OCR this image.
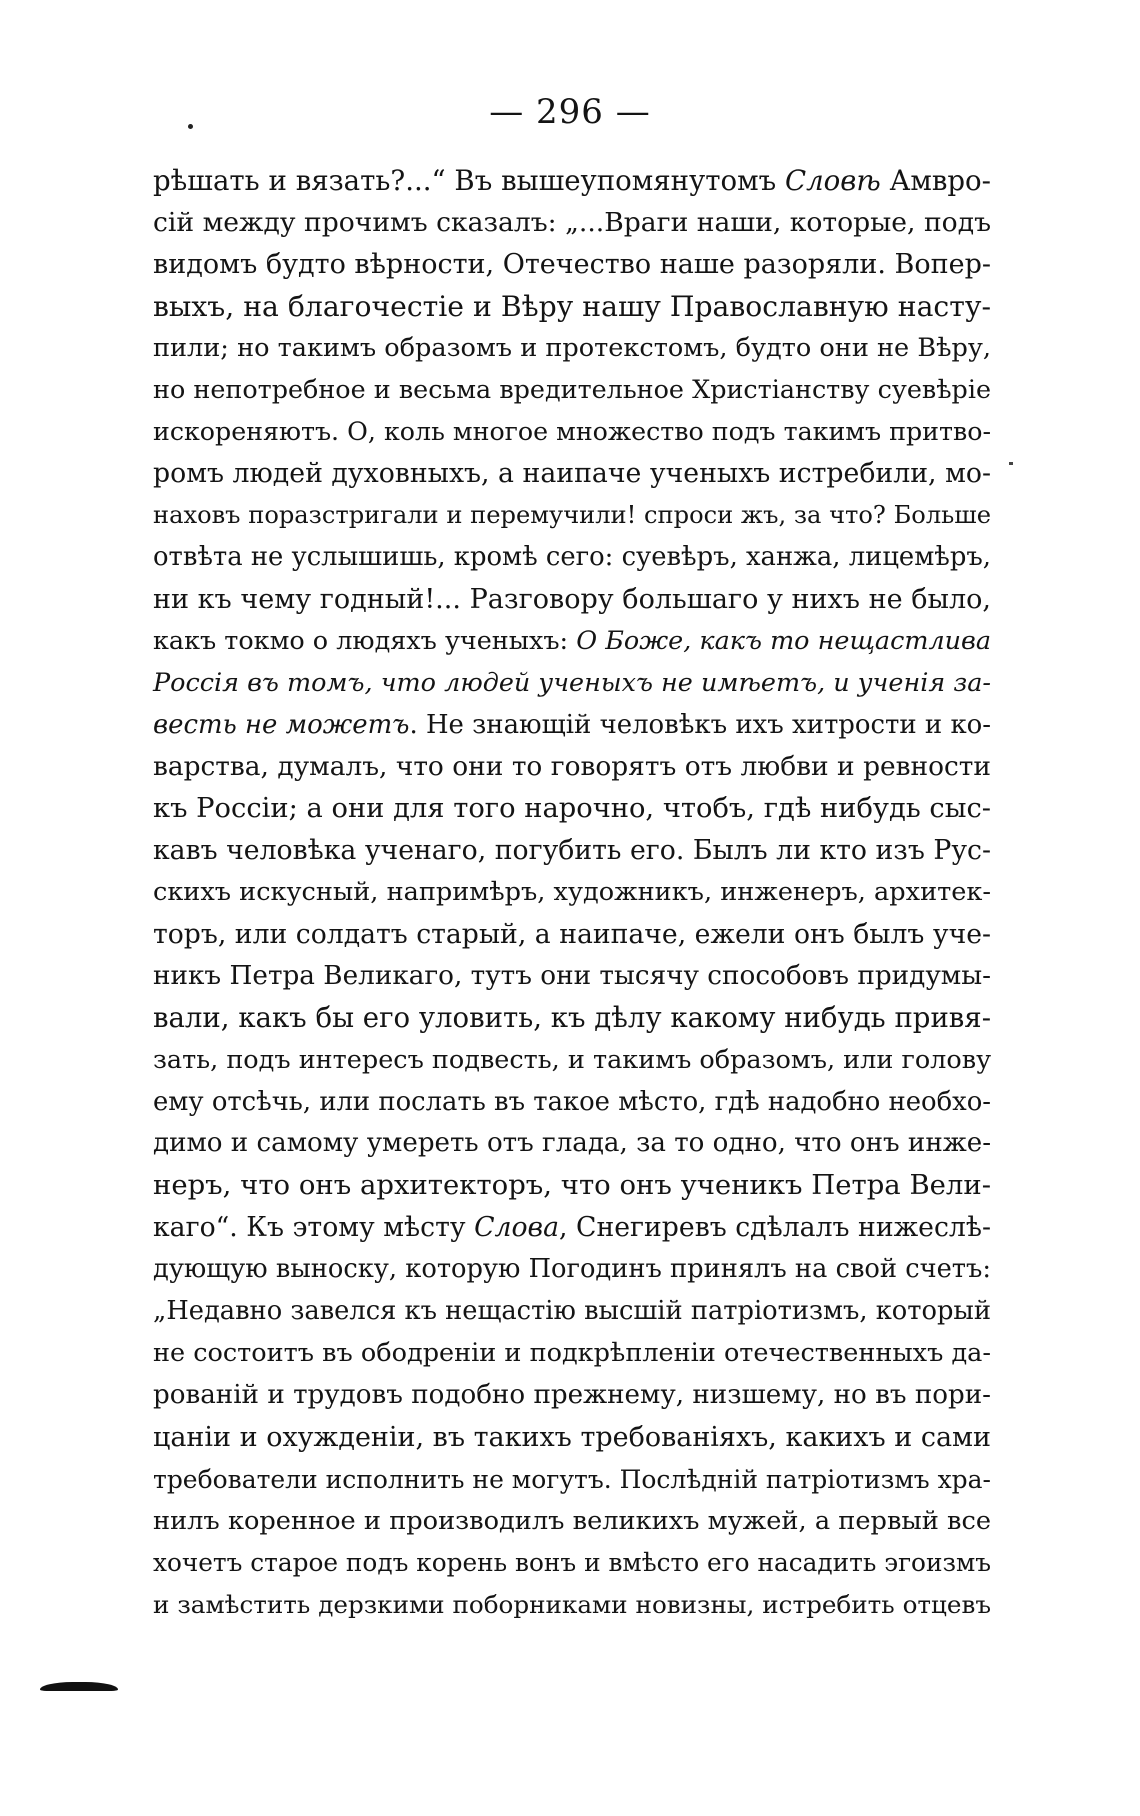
— 296 —
рѣшать и вязать?...“ Въ вышеупомянутомъ Словѣ Амвро-
сій между прочимъ сказалъ: „...Враги наши, которые, подъ
видомъ будто вѣрности, Отечество наше разоряли. Вопер-
выхъ, на благочестіе и Вѣру нашу Православную насту-
пили; но такимъ образомъ и протекстомъ, будто они не Вѣру,
но непотребное и весьма вредительное Христіанству суевѣріе
искореняютъ. О, коль многое множество подъ такимъ притво-
ромъ людей духовныхъ, а наипаче ученыхъ истребили, мо-
наховъ поразстригали и перемучили! спроси жъ, за что? Больше
отвѣта не услышишь, кромѣ сего: суевѣръ, ханжа, лицемѣръ,
ни къ чему годный!... Разговору большаго у нихъ не было,
какъ токмо о людяхъ ученыхъ: О Боже, какъ то нещастлива
Россія въ томъ, что людей ученыхъ не имѣетъ, и ученія за-
весть не можетъ. Не знающій человѣкъ ихъ хитрости и ко-
варства, думалъ, что они то говорятъ отъ любви и ревности
къ Россіи; а они для того нарочно, чтобъ, гдѣ нибудь сыс-
кавъ человѣка ученаго, погубить его. Былъ ли кто изъ Рус-
скихъ искусный, напримѣръ, художникъ, инженеръ, архитек-
торъ, или солдатъ старый, а наипаче, ежели онъ былъ уче-
никъ Петра Великаго, тутъ они тысячу способовъ придумы-
вали, какъ бы его уловить, къ дѣлу какому нибудь привя-
зать, подъ интересъ подвесть, и такимъ образомъ, или голову
ему отсѣчь, или послать въ такое мѣсто, гдѣ надобно необхо-
димо и самому умереть отъ глада, за то одно, что онъ инже-
неръ, что онъ архитекторъ, что онъ ученикъ Петра Вели-
каго“. Къ этому мѣсту Слова, Снегиревъ сдѣлалъ нижеслѣ-
дующую выноску, которую Погодинъ принялъ на свой счетъ:
„Недавно завелся къ нещастію высшій патріотизмъ, который
не состоитъ въ ободреніи и подкрѣпленіи отечественныхъ да-
рованій и трудовъ подобно прежнему, низшему, но въ пори-
цаніи и охужденіи, въ такихъ требованіяхъ, какихъ и сами
требователи исполнить не могутъ. Послѣдній патріотизмъ хра-
нилъ коренное и производилъ великихъ мужей, а первый все
хочетъ старое подъ корень вонъ и вмѣсто его насадить эгоизмъ
и замѣстить дерзкими поборниками новизны, истребить отцевъ
